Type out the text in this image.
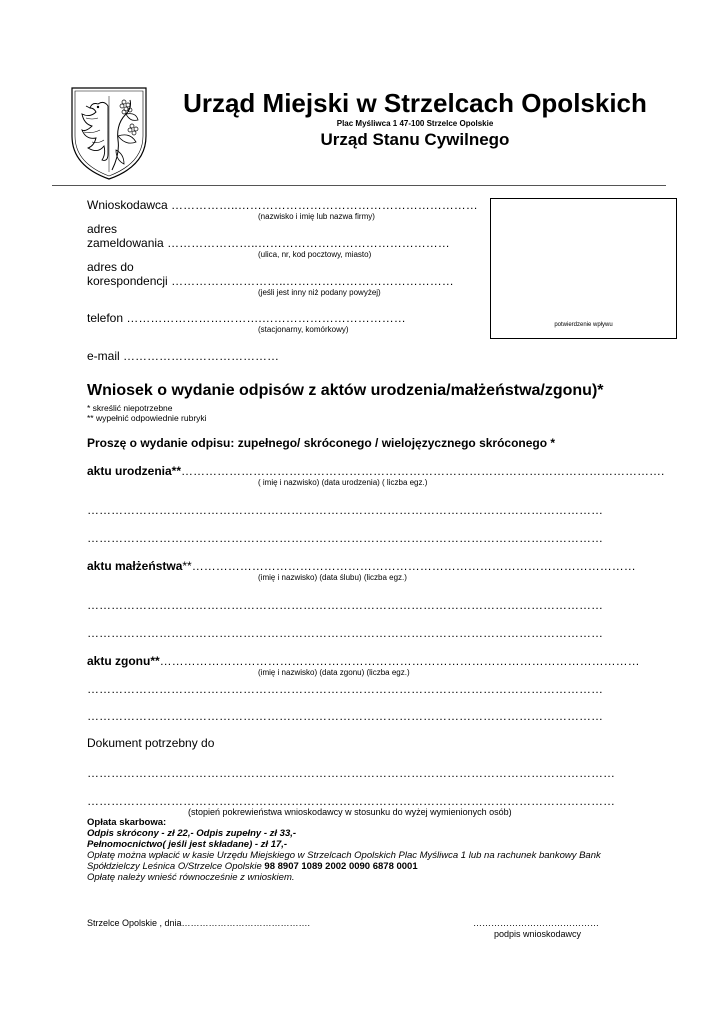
Urząd Miejski w Strzelcach Opolskich
Plac Myśliwca 1 47-100 Strzelce Opolskie
Urząd Stanu Cywilnego
Wnioskodawca ……………..……………………………………………………
(nazwisko i imię lub nazwa firmy)
adres
zameldowania …………………..…………………………………………
(ulica, nr, kod pocztowy, miasto)
adres do
korespondencji ………………………..……………………………………
(jeśli jest inny niż podany powyżej)
telefon …………………………….………………………………
(stacjonarny, komórkowy)
e-mail …………………………………
potwierdzenie wpływu
Wniosek o wydanie odpisów z aktów urodzenia/małżeństwa/zgonu)*
* skreślić niepotrzebne
** wypełnić odpowiednie rubryki
Proszę o wydanie odpisu: zupełnego/ skróconego / wielojęzycznego skróconego *
aktu urodzenia**………………………………………………………………………………………………………….
( imię i nazwisko) (data urodzenia) ( liczba egz.)
…………………………………………………………………………………………………………………
…………………………………………………………………………………………………………………
aktu małżeństwa**…………………………………………………………………………………………………
(imię i nazwisko) (data ślubu) (liczba egz.)
…………………………………………………………………………………………………………………
…………………………………………………………………………………………………………………
aktu zgonu**…………………………………………………………………………………………………………
(imię i nazwisko) (data zgonu) (liczba egz.)
…………………………………………………………………………………………………………………
…………………………………………………………………………………………………………………
Dokument potrzebny do
……………………………………………………………………………………………………………………
……………………………………………………………………………………………………………………
(stopień pokrewieństwa wnioskodawcy w stosunku do wyżej wymienionych osób)
Opłata skarbowa:
Odpis skrócony - zł 22,- Odpis zupełny - zł 33,-
Pełnomocnictwo( jeśli jest składane) - zł 17,-
Opłatę można wpłacić w kasie Urzędu Miejskiego w Strzelcach Opolskich Plac Myśliwca 1 lub na rachunek bankowy Bank
Spółdzielczy Leśnica O/Strzelce Opolskie 98 8907 1089 2002 0090 6878 0001
Opłatę należy wnieść równocześnie z wnioskiem.
Strzelce Opolskie , dnia…………………………………….	……………………………………
podpis wnioskodawcy
